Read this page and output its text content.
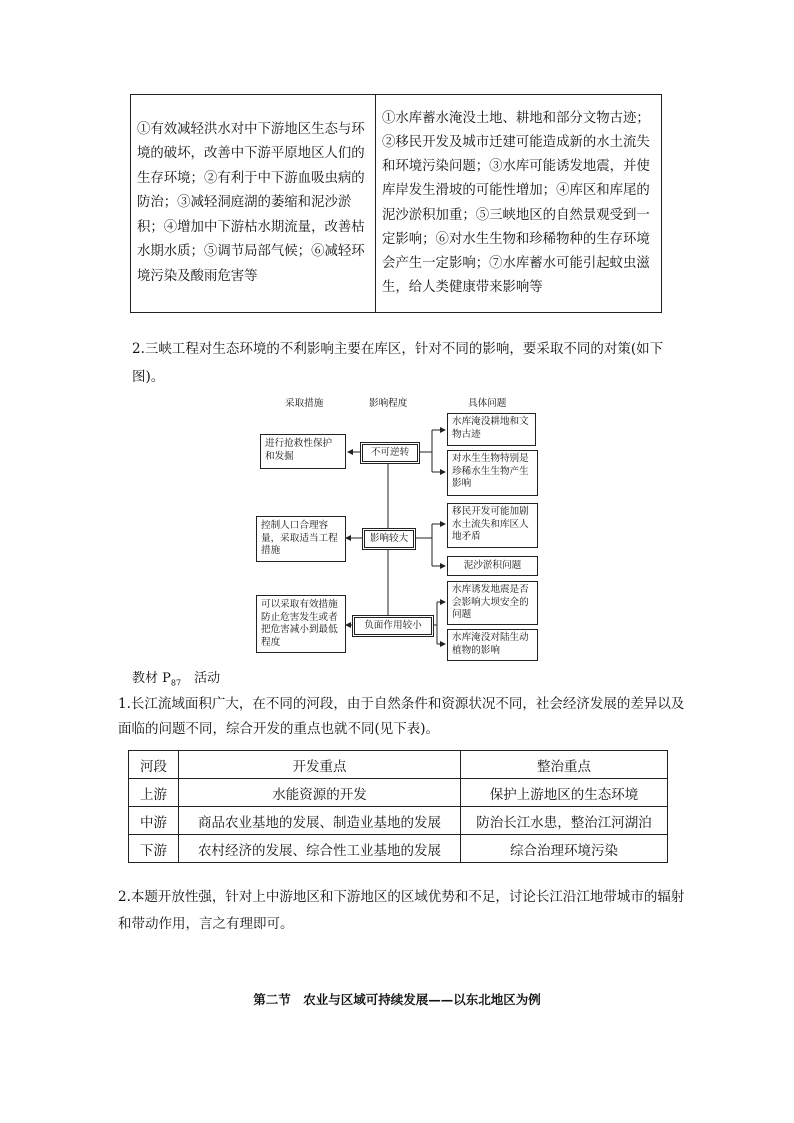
①有效减轻洪水对中下游地区生态与环境的破坏，改善中下游平原地区人们的生存环境；②有利于中下游血吸虫病的防治；③减轻洞庭湖的萎缩和泥沙淤积；④增加中下游枯水期流量，改善枯水期水质；⑤调节局部气候；⑥减轻环境污染及酸雨危害等	①水库蓄水淹没土地、耕地和部分文物古迹；②移民开发及城市迁建可能造成新的水土流失和环境污染问题；③水库可能诱发地震，并使库岸发生滑坡的可能性增加；④库区和库尾的泥沙淤积加重；⑤三峡地区的自然景观受到一定影响；⑥对水生生物和珍稀物种的生存环境会产生一定影响；⑦水库蓄水可能引起蚊虫滋生，给人类健康带来影响等
2.三峡工程对生态环境的不利影响主要在库区，针对不同的影响，要采取不同的对策(如下图)。
采取措施	影响程度	具体问题
进行抢救性保护和发掘
控制人口合理容量，采取适当工程措施
可以采取有效措施防止危害发生或者把危害减小到最低程度
不可逆转
影响较大
负面作用较小
水库淹没耕地和文物古迹
对水生生物特别是珍稀水生生物产生影响
移民开发可能加剧水土流失和库区人地矛盾
泥沙淤积问题
水库诱发地震是否会影响大坝安全的问题
水库淹没对陆生动植物的影响
教材 $P_{87}$　活动
1.长江流域面积广大，在不同的河段，由于自然条件和资源状况不同，社会经济发展的差异以及面临的问题不同，综合开发的重点也就不同(见下表)。
河段	开发重点	整治重点
上游	水能资源的开发	保护上游地区的生态环境
中游	商品农业基地的发展、制造业基地的发展	防治长江水患，整治江河湖泊
下游	农村经济的发展、综合性工业基地的发展	综合治理环境污染
2.本题开放性强，针对上中游地区和下游地区的区域优势和不足，讨论长江沿江地带城市的辐射和带动作用，言之有理即可。
第二节　农业与区域可持续发展——以东北地区为例
